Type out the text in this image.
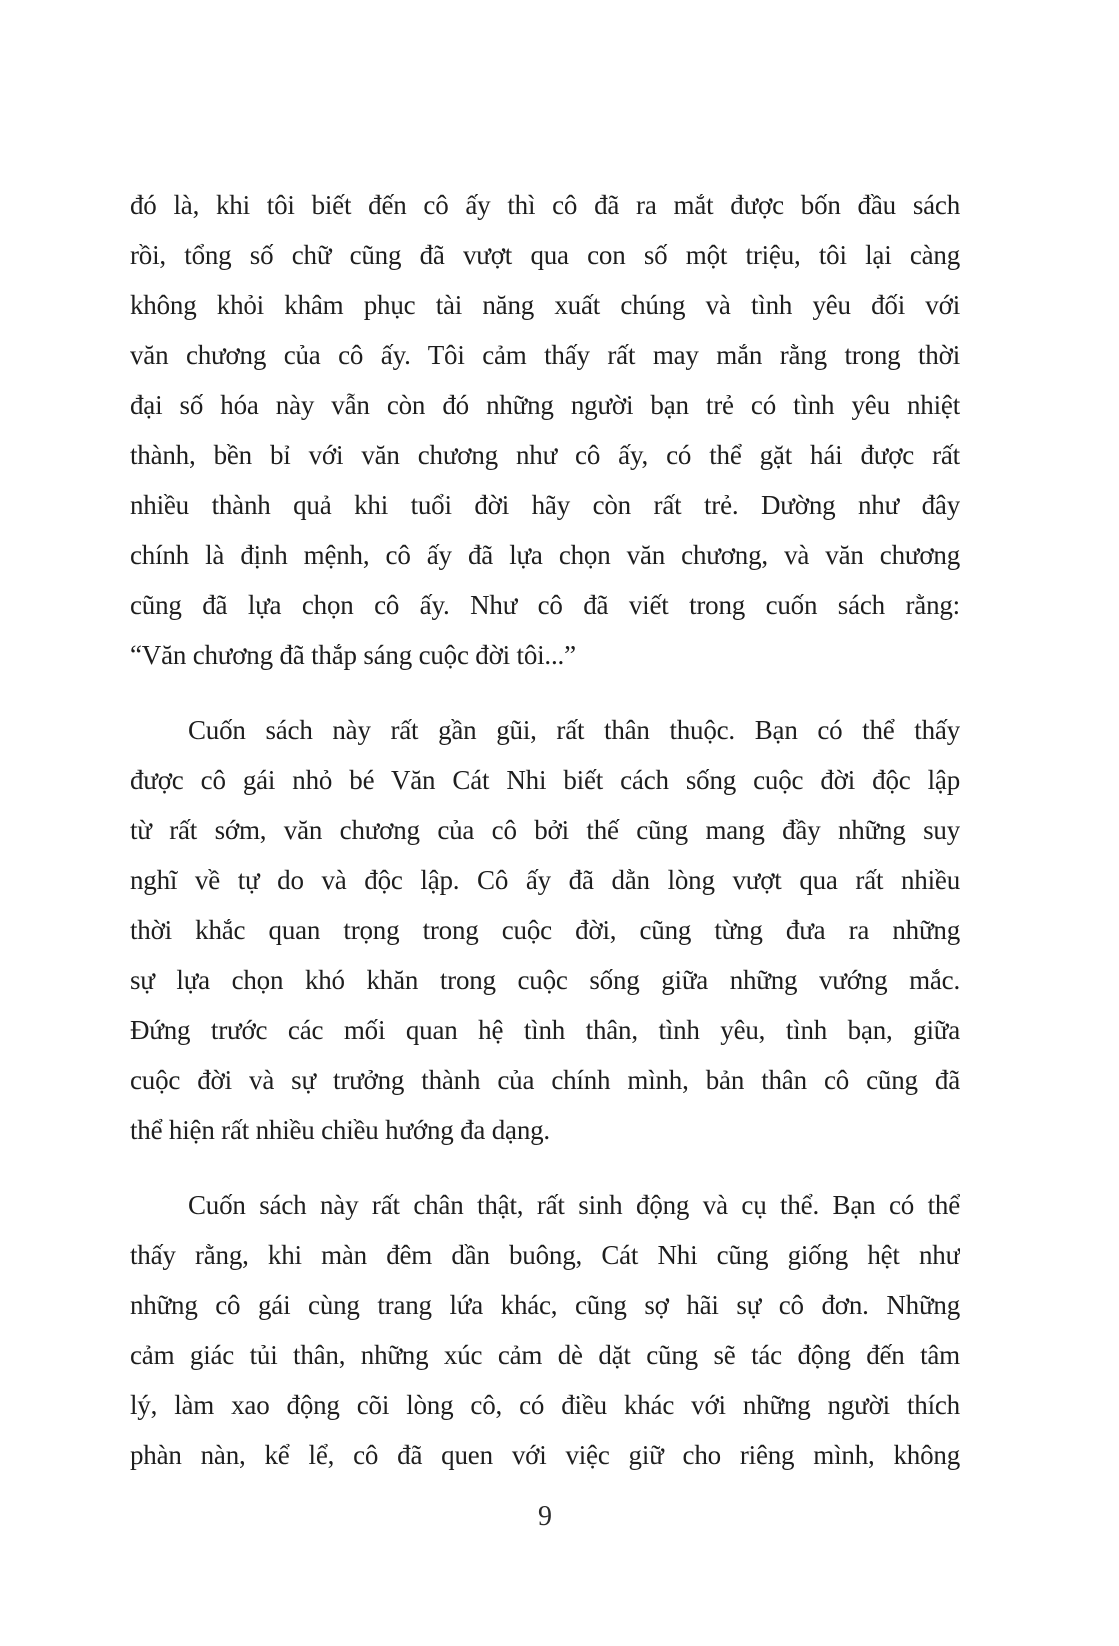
đó là, khi tôi biết đến cô ấy thì cô đã ra mắt được bốn đầu sách
rồi, tổng số chữ cũng đã vượt qua con số một triệu, tôi lại càng
không khỏi khâm phục tài năng xuất chúng và tình yêu đối với
văn chương của cô ấy. Tôi cảm thấy rất may mắn rằng trong thời
đại số hóa này vẫn còn đó những người bạn trẻ có tình yêu nhiệt
thành, bền bỉ với văn chương như cô ấy, có thể gặt hái được rất
nhiều thành quả khi tuổi đời hãy còn rất trẻ. Dường như đây
chính là định mệnh, cô ấy đã lựa chọn văn chương, và văn chương
cũng đã lựa chọn cô ấy. Như cô đã viết trong cuốn sách rằng:
“Văn chương đã thắp sáng cuộc đời tôi...”
Cuốn sách này rất gần gũi, rất thân thuộc. Bạn có thể thấy
được cô gái nhỏ bé Văn Cát Nhi biết cách sống cuộc đời độc lập
từ rất sớm, văn chương của cô bởi thế cũng mang đầy những suy
nghĩ về tự do và độc lập. Cô ấy đã dằn lòng vượt qua rất nhiều
thời khắc quan trọng trong cuộc đời, cũng từng đưa ra những
sự lựa chọn khó khăn trong cuộc sống giữa những vướng mắc.
Đứng trước các mối quan hệ tình thân, tình yêu, tình bạn, giữa
cuộc đời và sự trưởng thành của chính mình, bản thân cô cũng đã
thể hiện rất nhiều chiều hướng đa dạng.
Cuốn sách này rất chân thật, rất sinh động và cụ thể. Bạn có thể
thấy rằng, khi màn đêm dần buông, Cát Nhi cũng giống hệt như
những cô gái cùng trang lứa khác, cũng sợ hãi sự cô đơn. Những
cảm giác tủi thân, những xúc cảm dè dặt cũng sẽ tác động đến tâm
lý, làm xao động cõi lòng cô, có điều khác với những người thích
phàn nàn, kể lể, cô đã quen với việc giữ cho riêng mình, không
9
